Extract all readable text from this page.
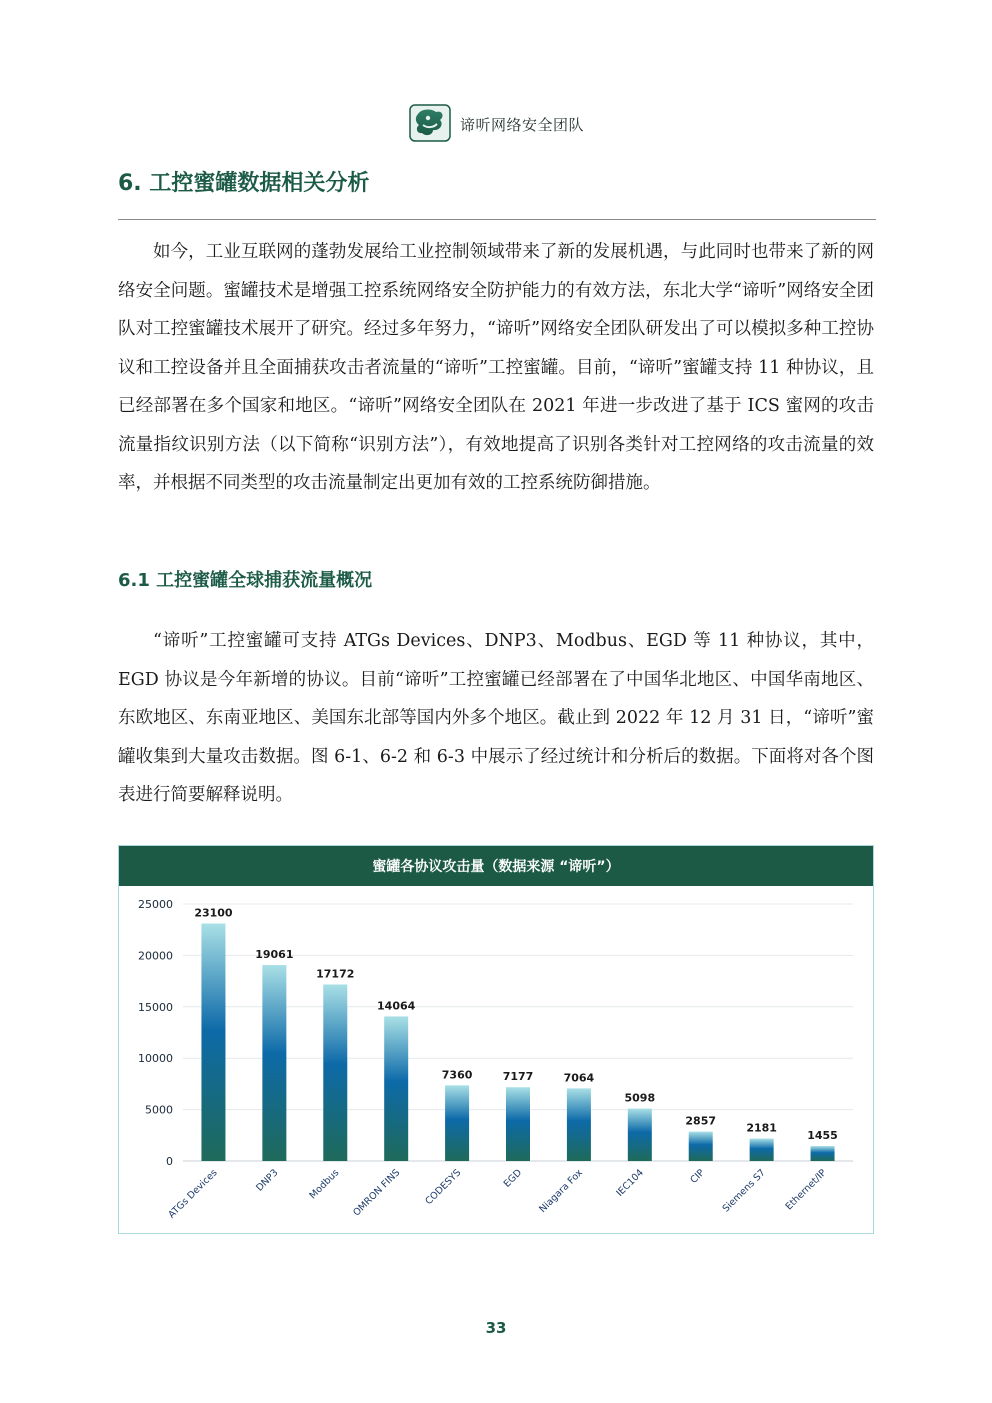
谛听网络安全团队
6. 工控蜜罐数据相关分析

如今，工业互联网的蓬勃发展给工业控制领域带来了新的发展机遇，与此同时也带来了新的网络安全问题。蜜罐技术是增强工控系统网络安全防护能力的有效方法，东北大学“谛听”网络安全团队对工控蜜罐技术展开了研究。经过多年努力，“谛听”网络安全团队研发出了可以模拟多种工控协议和工控设备并且全面捕获攻击者流量的“谛听”工控蜜罐。目前，“谛听”蜜罐支持 11 种协议，且已经部署在多个国家和地区。“谛听”网络安全团队在 2021 年进一步改进了基于 ICS 蜜网的攻击流量指纹识别方法（以下简称“识别方法”），有效地提高了识别各类针对工控网络的攻击流量的效率，并根据不同类型的攻击流量制定出更加有效的工控系统防御措施。

6.1 工控蜜罐全球捕获流量概况

“谛听”工控蜜罐可支持 ATGs Devices、DNP3、Modbus、EGD 等 11 种协议，其中，EGD 协议是今年新增的协议。目前“谛听”工控蜜罐已经部署在了中国华北地区、中国华南地区、东欧地区、东南亚地区、美国东北部等国内外多个地区。截止到 2022 年 12 月 31 日，“谛听”蜜罐收集到大量攻击数据。图 6-1、6-2 和 6-3 中展示了经过统计和分析后的数据。下面将对各个图表进行简要解释说明。

蜜罐各协议攻击量（数据来源 “谛听”）
0
5000
10000
15000
20000
25000
23100
ATGs Devices
19061
DNP3
17172
Modbus
14064
OMRON FINS
7360
CODESYS
7177
EGD
7064
Niagara Fox
5098
IEC104
2857
CIP
2181
Siemens S7
1455
Ethernet/IP
33
